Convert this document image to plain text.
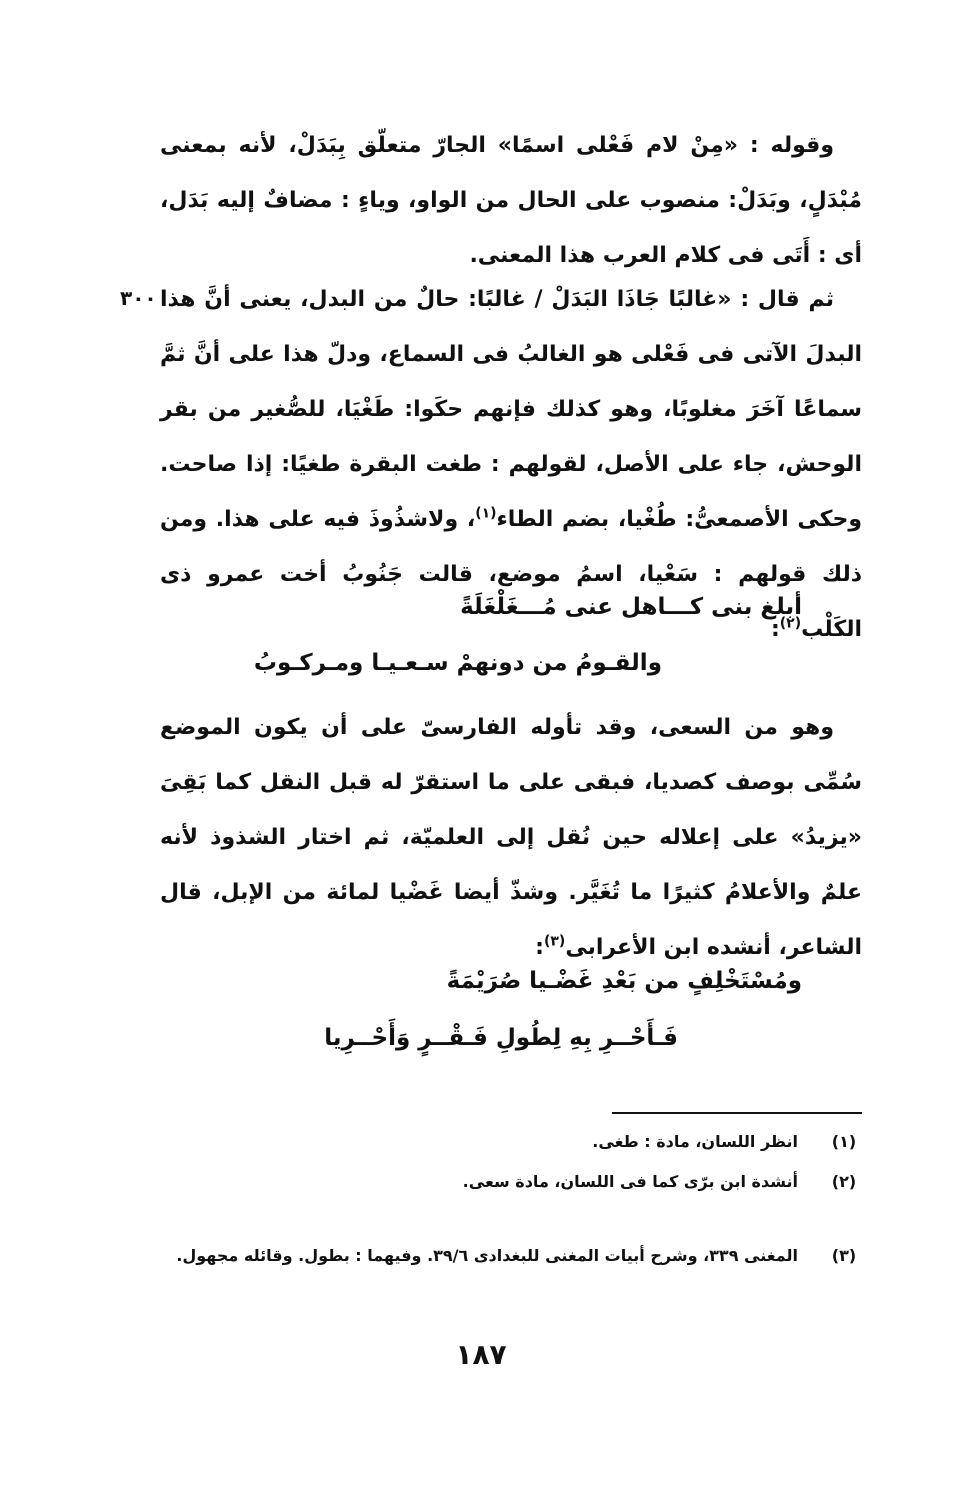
٣٠٠

وقوله : «مِنْ لام فَعْلى اسمًا» الجارّ متعلّق بِبَدَلْ، لأنه بمعنى مُبْدَلٍ، وبَدَلْ: منصوب على الحال من الواو، وياءٍ : مضافٌ إليه بَدَل، أى : أَتَى فى كلام العرب هذا المعنى.

ثم قال : «غالبًا جَاذَا البَدَلْ / غالبًا: حالٌ من البدل، يعنى أنَّ هذا البدلَ الآتى فى فَعْلى هو الغالبُ فى السماع، ودلّ هذا على أنَّ ثمَّ سماعًا آخَرَ مغلوبًا، وهو كذلك فإنهم حكَوا: طَغْيَا، للصُّغير من بقر الوحش، جاء على الأصل، لقولهم : طغت البقرة طغيًا: إذا صاحت. وحكى الأصمعىُّ: طُغْيا، بضم الطاء$^{(١)}$، ولاشذُوذَ فيه على هذا. ومن ذلك قولهم : سَعْيا، اسمُ موضع، قالت جَنُوبُ أخت عمرو ذى الكَلْب$^{(٢)}$:

أبلغ بنى كـــاهل عنى مُـــغَلْغَلَةً
والقـومُ من دونهمْ سـعـيـا ومـركـوبُ

وهو من السعى، وقد تأوله الفارسىّ على أن يكون الموضع سُمِّى بوصف كصديا، فبقى على ما استقرّ له قبل النقل كما بَقِىَ «يزيدُ» على إعلاله حين نُقل إلى العلميّة، ثم اختار الشذوذ لأنه علمٌ والأعلامُ كثيرًا ما تُغَيَّر. وشذّ أيضا غَضْيا لمائة من الإبل، قال الشاعر، أنشده ابن الأعرابى$^{(٣)}$:

ومُسْتَخْلِفٍ من بَعْدِ غَضْـيا صُرَيْمَةً
فَـأَحْــرِ بِهِ لِطُولِ فَـقْــرٍ وَأَحْــرِيا
(١)انظر اللسان، مادة : طغى.
(٢)أنشدة ابن برّى كما فى اللسان، مادة سعى.
(٣)المغنى ٣٣٩، وشرح أبيات المغنى للبغدادى ٣٩/٦. وفيهما : بطول. وقائله مجهول.
١٨٧
